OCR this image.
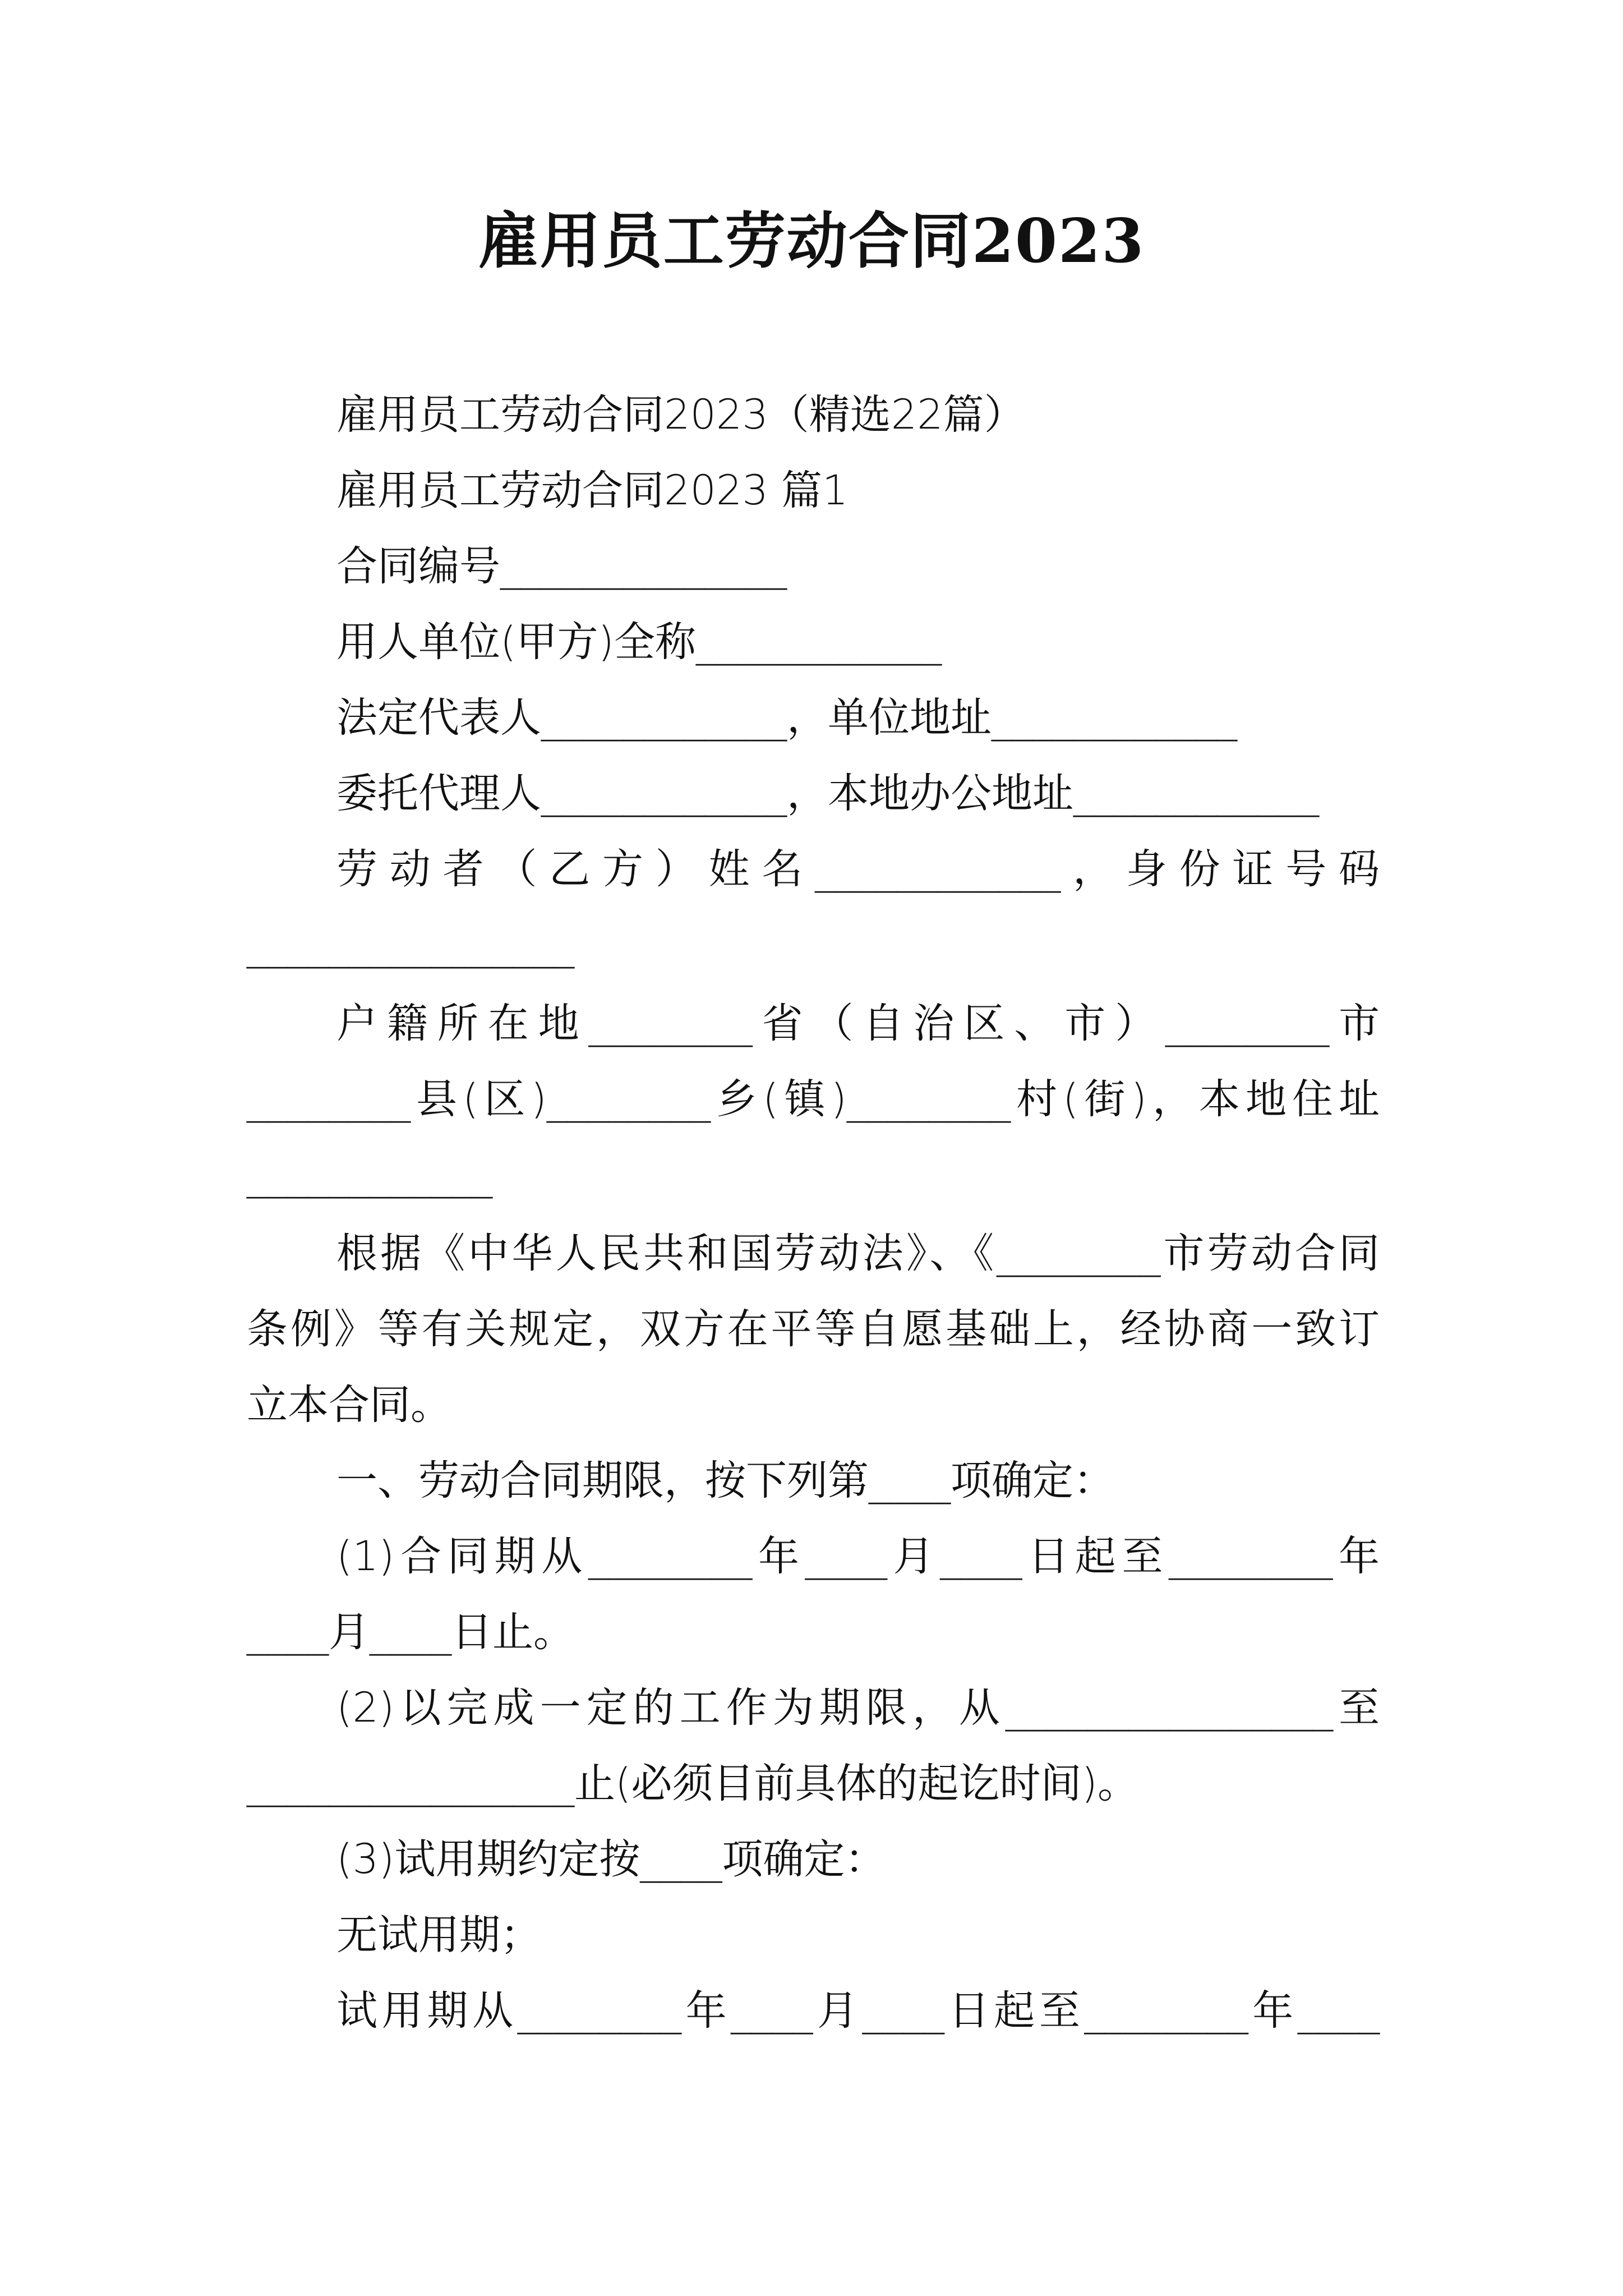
雇用员工劳动合同2023
雇用员工劳动合同2023（精选22篇）
雇用员工劳动合同2023 篇1
合同编号______________
用人单位(甲方)全称____________
法定代表人____________，单位地址____________
委托代理人____________，本地办公地址____________
劳动者（乙方）姓名____________，身份证号码
________________
户籍所在地________省（自治区、市）________市
________县(区)________乡(镇)________村(街)，本地住址
____________
根据《中华人民共和国劳动法》、《________市劳动合同
条例》等有关规定，双方在平等自愿基础上，经协商一致订
立本合同。
一、劳动合同期限，按下列第____项确定：
(1)合同期从________年____月____日起至________年
____月____日止。
(2)以完成一定的工作为期限，从________________至
________________止(必须目前具体的起讫时间)。
(3)试用期约定按____项确定：
无试用期；
试用期从________年____月____日起至________年____
